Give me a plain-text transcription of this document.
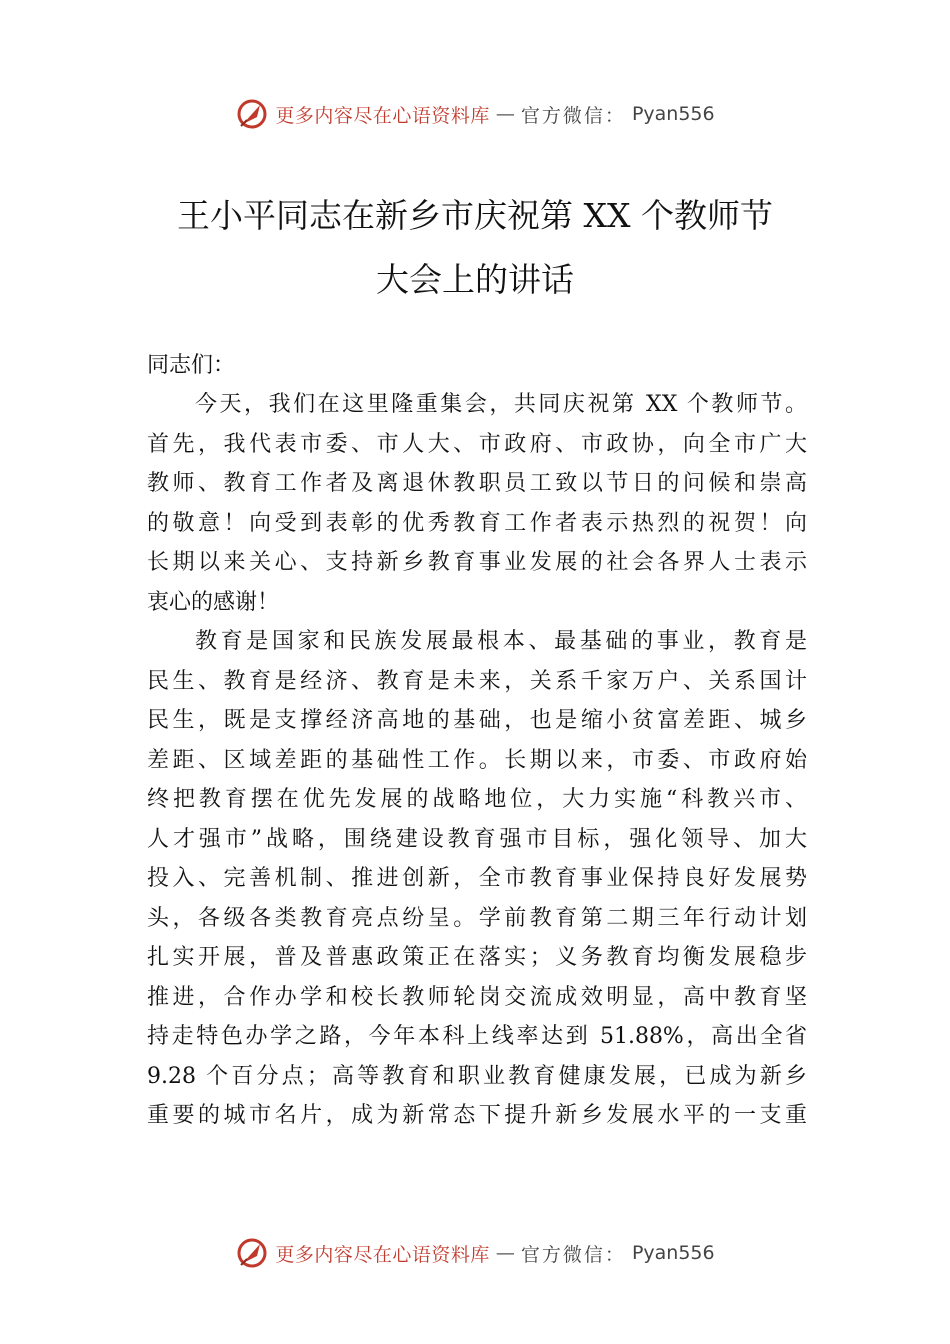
更多内容尽在心语资料库 — 官方微信： Pyan556
王小平同志在新乡市庆祝第 XX 个教师节
大会上的讲话
同志们：
今天，我们在这里隆重集会，共同庆祝第 XX 个教师节。
首先，我代表市委、市人大、市政府、市政协，向全市广大
教师、教育工作者及离退休教职员工致以节日的问候和崇高
的敬意！向受到表彰的优秀教育工作者表示热烈的祝贺！向
长期以来关心、支持新乡教育事业发展的社会各界人士表示
衷心的感谢！
教育是国家和民族发展最根本、最基础的事业，教育是
民生、教育是经济、教育是未来，关系千家万户、关系国计
民生，既是支撑经济高地的基础，也是缩小贫富差距、城乡
差距、区域差距的基础性工作。长期以来，市委、市政府始
终把教育摆在优先发展的战略地位，大力实施“科教兴市、
人才强市”战略，围绕建设教育强市目标，强化领导、加大
投入、完善机制、推进创新，全市教育事业保持良好发展势
头，各级各类教育亮点纷呈。学前教育第二期三年行动计划
扎实开展，普及普惠政策正在落实；义务教育均衡发展稳步
推进，合作办学和校长教师轮岗交流成效明显，高中教育坚
持走特色办学之路，今年本科上线率达到 51.88%，高出全省
9.28 个百分点；高等教育和职业教育健康发展，已成为新乡
重要的城市名片，成为新常态下提升新乡发展水平的一支重
更多内容尽在心语资料库 — 官方微信： Pyan556
